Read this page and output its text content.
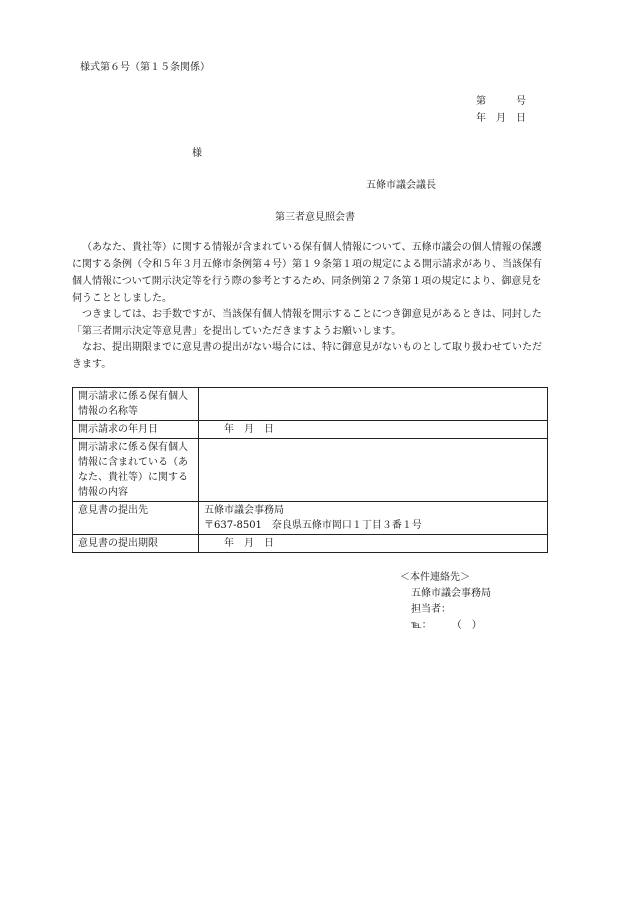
様式第６号（第１５条関係）
第　　　号
年　月　日
様
五條市議会議長
第三者意見照会書
（あなた、貴社等）に関する情報が含まれている保有個人情報について、五條市議会の個人情報の保護に関する条例（令和５年３月五條市条例第４号）第１９条第１項の規定による開示請求があり、当該保有個人情報について開示決定等を行う際の参考とするため、同条例第２７条第１項の規定により、御意見を伺うこととしました。
つきましては、お手数ですが、当該保有個人情報を開示することにつき御意見があるときは、同封した「第三者開示決定等意見書」を提出していただきますようお願いします。
なお、提出期限までに意見書の提出がない場合には、特に御意見がないものとして取り扱わせていただきます。
開示請求に係る保有個人情報の名称等	
開示請求の年月日	　　年　月　日
開示請求に係る保有個人情報に含まれている（あなた、貴社等）に関する情報の内容	
意見書の提出先	五條市議会事務局
〒637-8501　奈良県五條市岡口１丁目３番１号

意見書の提出期限	　　年　月　日
＜本件連絡先＞
五條市議会事務局
担当者：
℡：　　　（　）
